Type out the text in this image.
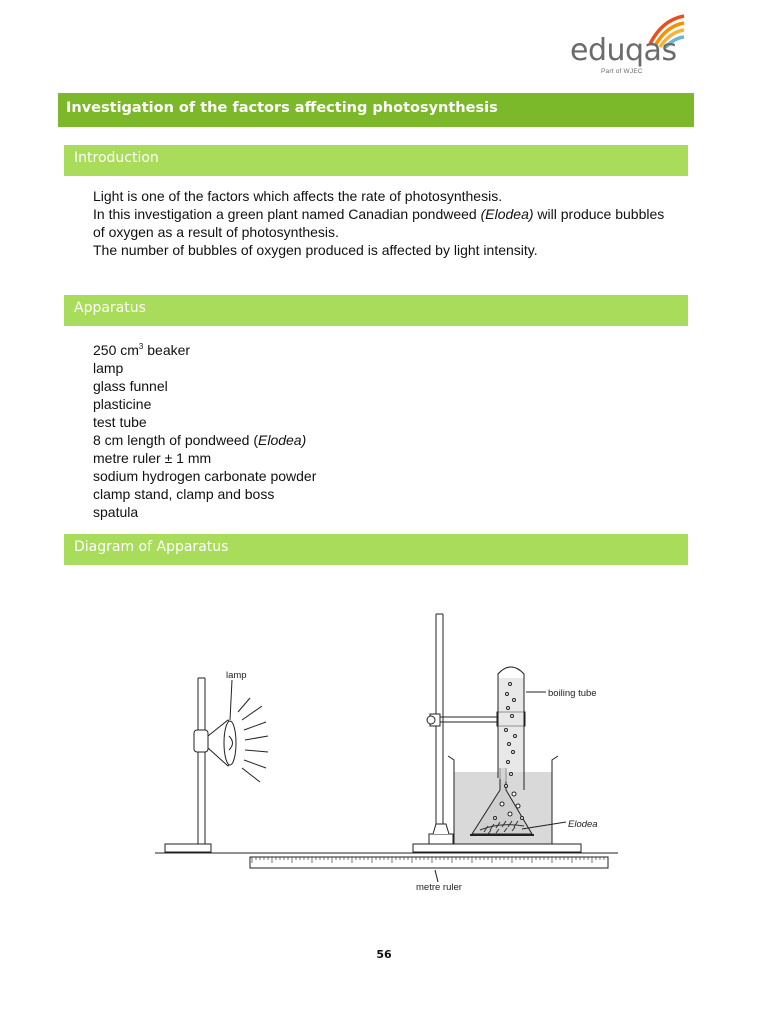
eduqas
Part of WJEC
Investigation of the factors affecting photosynthesis
Introduction
Light is one of the factors which affects the rate of photosynthesis.
In this investigation a green plant named Canadian pondweed (Elodea) will produce bubbles
of oxygen as a result of photosynthesis.
The number of bubbles of oxygen produced is affected by light intensity.
Apparatus
250 $cm^3$ beaker
lamp
glass funnel
plasticine
test tube
8 cm length of pondweed (Elodea)
metre ruler ± 1 mm
sodium hydrogen carbonate powder
clamp stand, clamp and boss
spatula
Diagram of Apparatus
lamp
boiling tube
Elodea
metre ruler
56
